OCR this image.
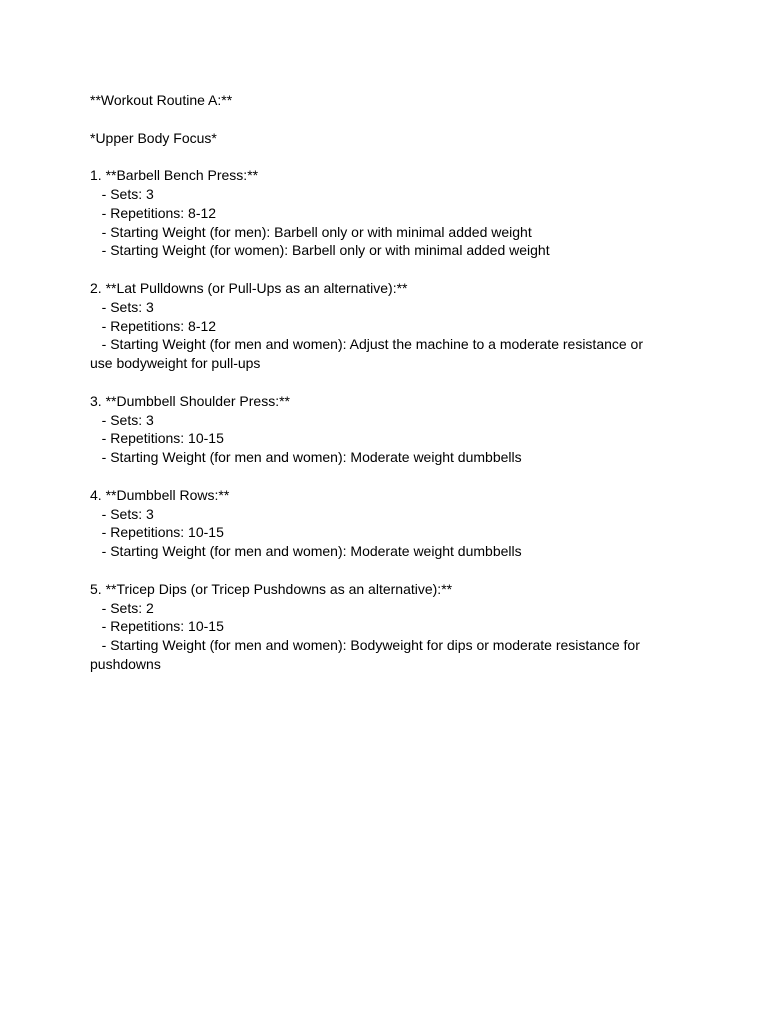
**Workout Routine A:**
*Upper Body Focus*
1. **Barbell Bench Press:**
- Sets: 3
- Repetitions: 8-12
- Starting Weight (for men): Barbell only or with minimal added weight
- Starting Weight (for women): Barbell only or with minimal added weight
2. **Lat Pulldowns (or Pull-Ups as an alternative):**
- Sets: 3
- Repetitions: 8-12
- Starting Weight (for men and women): Adjust the machine to a moderate resistance or use bodyweight for pull-ups
3. **Dumbbell Shoulder Press:**
- Sets: 3
- Repetitions: 10-15
- Starting Weight (for men and women): Moderate weight dumbbells
4. **Dumbbell Rows:**
- Sets: 3
- Repetitions: 10-15
- Starting Weight (for men and women): Moderate weight dumbbells
5. **Tricep Dips (or Tricep Pushdowns as an alternative):**
- Sets: 2
- Repetitions: 10-15
- Starting Weight (for men and women): Bodyweight for dips or moderate resistance for pushdowns
